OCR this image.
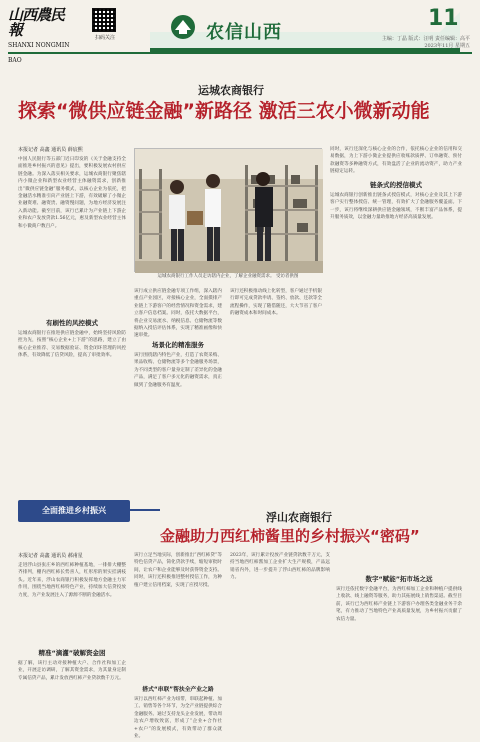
山西農民報
SHANXI NONGMIN BAO
扫码关注	农信山西
11
主编：丁晶 版式：汪明 责任编辑：高平 2023年11月 星期五
运城农商银行
探索“微供应链金融”新路径 激活三农小微新动能
本报记者 高鑫 通讯员 薛宸熙
中国人民银行等五部门近日印发的《关于金融支持全面推进乡村振兴的意见》提出，要积极发展农村供应链金融。为深入落实相关要求，运城农商银行聚焦辖内小微企业和新型农业经营主体融资需求，创新推出“微供应链金融”服务模式，以核心企业为依托，把金融活水精准引向产业链上下游，有效破解了小微企业融资难、融资贵、融资慢问题，为地方经济发展注入新动能。截至目前，该行已累计为产业链上下游企业和农户发放贷款1.56亿元，惠及新型农业经营主体和小微商户数百户。
有刷性的风控模式
运城农商银行在推进供应链金融中，始终坚持风险防控为先，按照“核心企业+上下游”的思路，建立了由核心企业推荐、交易数据验证、资金闭环管理的风控体系，有效降低了信贷风险，提高了审批效率。
运城农商银行工作人员走访辖内企业，了解企业融资需求。 受访者供图
该行成立供应链金融专项工作组，深入辖内重点产业园区，对接核心企业，全面摸排产业链上下游客户的经营情况和资金需求，建立客户信息档案。同时，依托大数据平台，将企业交易流水、纳税信息、仓储物流等数据纳入授信评估体系，实现了精准画像和快速审批。
场景化的精准服务
该行围绕辖内特色产业，打造了农资采购、果品收购、仓储物流等多个金融服务场景，为不同类型的客户量身定制了差异化的金融产品，满足了客户多元化的融资需求，真正做到了金融服务有温度。
该行还积极推动线上化转型，客户通过手机银行即可完成贷款申请、签约、放款、还款等全流程操作，实现了随借随还，大大节省了客户的融资成本和时间成本。
同时，该行还深化与核心企业的合作，依托核心企业的信用和交易数据，为上下游小微企业提供应收账款质押、订单融资、预付款融资等多种融资方式，有效盘活了企业的流动资产，助力产业链稳定运转。
链条式的授信模式
运城农商银行创新推出链条式授信模式，对核心企业及其上下游客户实行整体授信、统一管理，有效扩大了金融服务覆盖面。下一步，该行将继续深耕供应链金融领域，不断丰富产品体系，提升服务质效，以金融力量助推地方经济高质量发展。
全面推进乡村振兴
浮山农商银行
金融助力西红柿酱里的乡村振兴“密码”
本报记者 高鑫 通讯员 郝甫星
走进浮山县张庄乡的西红柿种植基地，一排排大棚整齐排列，棚内西红柿长势喜人，红彤彤的果实挂满枝头。近年来，浮山农商银行积极发挥地方金融主力军作用，围绕当地西红柿特色产业，持续加大信贷投放力度，为产业发展注入了源源不断的金融活水。
精准“滴灌”破解资金困
据了解，该行主动对接种植大户、合作社和加工企业，开展走访调研，了解其资金需求，为其量身定制专属信贷产品，累计发放西红柿产业贷款数千万元。
该行立足当地实际，创新推出“西红柿贷”等特色信贷产品，简化贷款手续，缩短审批时间，让农户和企业能够及时获得资金支持。同时，该行还积极推进整村授信工作，为种植户建立信用档案，实现了应授尽授。
搭式“串联”帮扶全产业之路
该行以西红柿产业为纽带，串联起种植、加工、销售等各个环节，为全产业链提供综合金融服务。通过支持龙头企业发展，带动周边农户增收致富，形成了“企业+合作社+农户”的发展模式，有效带动了群众就业。
2023年，该行累计投放产业链贷款数千万元，支持当地西红柿酱加工企业扩大生产规模，产品远销省内外，进一步提升了浮山西红柿的品牌影响力。	数字“赋能”拓市场之远
该行还依托数字金融平台，为西红柿加工企业和种植户提供线上收款、线上融资等服务，助力其拓展线上销售渠道。截至目前，该行已为西红柿产业链上下游客户办理各类金融业务千余笔，有力推动了当地特色产业高质量发展，为乡村振兴贡献了农信力量。
